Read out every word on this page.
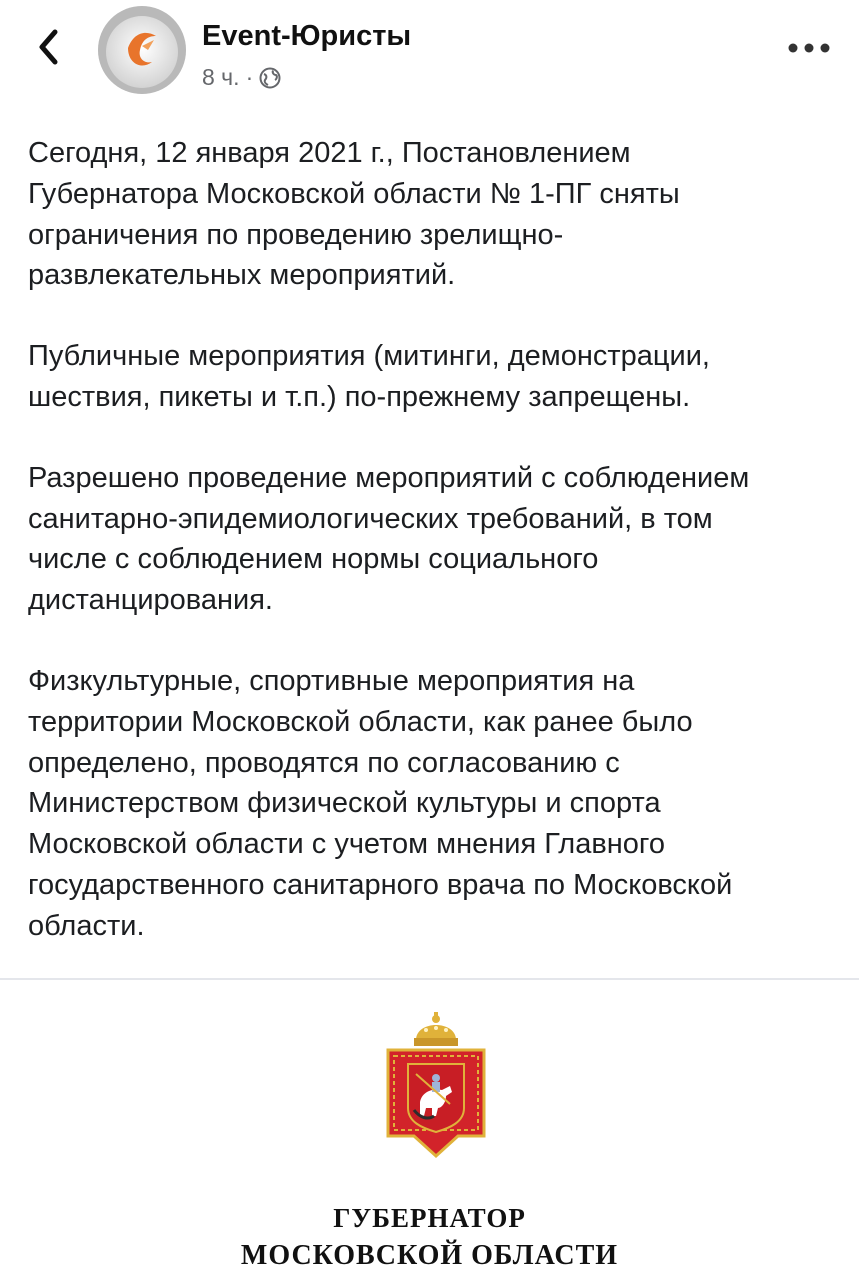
Event-Юристы
8 ч. ·

Сегодня, 12 января 2021 г., Постановлением
Губернатора Московской области № 1-ПГ сняты
ограничения по проведению зрелищно-
развлекательных мероприятий.

Публичные мероприятия (митинги, демонстрации,
шествия, пикеты и т.п.) по-прежнему запрещены.

Разрешено проведение мероприятий с соблюдением
санитарно-эпидемиологических требований, в том
числе с соблюдением нормы социального
дистанцирования.

Физкультурные, спортивные мероприятия на
территории Московской области, как ранее было
определено, проводятся по согласованию с
Министерством физической культуры и спорта
Московской области с учетом мнения Главного
государственного санитарного врача по Московской
области.

ГУБЕРНАТОР
МОСКОВСКОЙ ОБЛАСТИ
